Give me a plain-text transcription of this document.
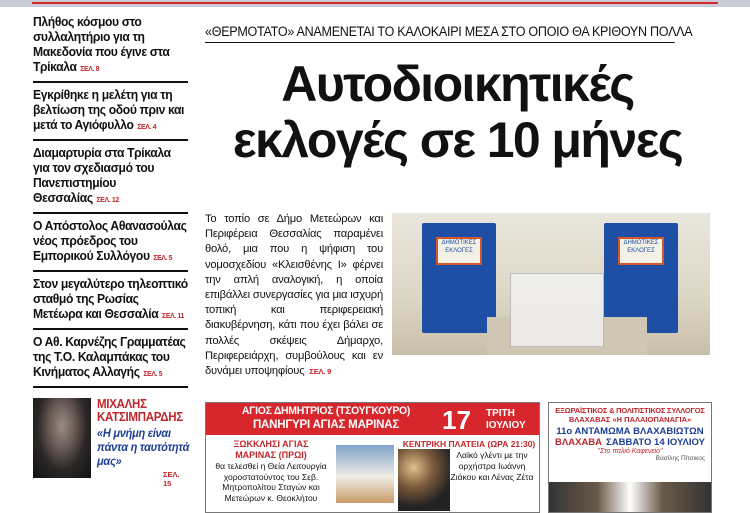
Πλήθος κόσμου στο συλλαλητήριο για τη Μακεδονία που έγινε στα Τρίκαλα ΣΕΛ. 8
Εγκρίθηκε η μελέτη για τη βελτίωση της οδού πριν και μετά το Αγιόφυλλο ΣΕΛ. 4
Διαμαρτυρία στα Τρίκαλα για τον σχεδιασμό του Πανεπιστημίου Θεσσαλίας ΣΕΛ. 12
Ο Απόστολος Αθανασούλας νέος πρόεδρος του Εμπορικού Συλλόγου ΣΕΛ. 5
Στον μεγαλύτερο τηλεοπτικό σταθμό της Ρωσίας Μετέωρα και Θεσσαλία ΣΕΛ. 11
Ο Αθ. Καρνέζης Γραμματέας της Τ.Ο. Καλαμπάκας του Κινήματος Αλλαγής ΣΕΛ. 5
ΜΙΧΑΛΗΣ
ΚΑΤΣΙΜΠΑΡΔΗΣ
«Η μνήμη είναι πάντα η ταυτότητά μας»
ΣΕΛ. 15
«ΘΕΡΜΟΤΑΤΟ» ΑΝΑΜΕΝΕΤΑΙ ΤΟ ΚΑΛΟΚΑΙΡΙ ΜΕΣΑ ΣΤΟ ΟΠΟΙΟ ΘΑ ΚΡΙΘΟΥΝ ΠΟΛΛΑ
Αυτοδιοικητικές
εκλογές σε 10 μήνες
Το τοπίο σε Δήμο Μετεώρων και Περιφέρεια Θεσσαλίας παραμένει θολό, μια που η ψήφιση του νομοσχεδίου «Κλεισθένης Ι» φέρνει την απλή αναλογική, η οποία επιβάλλει συνεργασίες για μια ισχυρή τοπική και περιφερειακή διακυβέρνηση, κάτι που έχει βάλει σε πολλές σκέψεις Δήμαρχο, Περιφερειάρχη, συμβούλους και εν δυνάμει υποψηφίους ΣΕΛ. 9
ΔΗΜΟΤΙΚΕΣ ΕΚΛΟΓΕΣ
ΔΗΜΟΤΙΚΕΣ ΕΚΛΟΓΕΣ
ΑΓΙΟΣ ΔΗΜΗΤΡΙΟΣ (ΤΣΟΥΓΚΟΥΡΟ)
ΠΑΝΗΓΥΡΙ ΑΓΙΑΣ ΜΑΡΙΝΑΣ	17 ΤΡΙΤΗ
ΙΟΥΛΙΟΥ
ΞΩΚΚΛΗΣΙ ΑΓΙΑΣ ΜΑΡΙΝΑΣ (ΠΡΩΙ)
θα τελεσθεί η Θεία Λειτουργία χοροστατούντος του Σεβ. Μητροπολίτου Σταγών και Μετεώρων κ. Θεοκλήτου
ΚΕΝΤΡΙΚΗ ΠΛΑΤΕΙΑ (ΩΡΑ 21:30)
Λαϊκό γλέντι με την ορχήστρα Ιωάννη Ζιάκου και Λένας Ζέτα
ΕΞΩΡΑΪΣΤΙΚΟΣ & ΠΟΛΙΤΙΣΤΙΚΟΣ ΣΥΛΛΟΓΟΣ
ΒΛΑΧΑΒΑΣ «Η ΠΑΛΑΙΟΠΑΝΑΓΙΑ»
11ο ΑΝΤΑΜΩΜΑ ΒΛΑΧΑΒΙΩΤΩΝ
ΒΛΑΧΑΒΑ ΣΑΒΒΑΤΟ 14 ΙΟΥΛΙΟΥ
"Στο παλιό Καφενείο"
Βασίλης Πίτσικος
